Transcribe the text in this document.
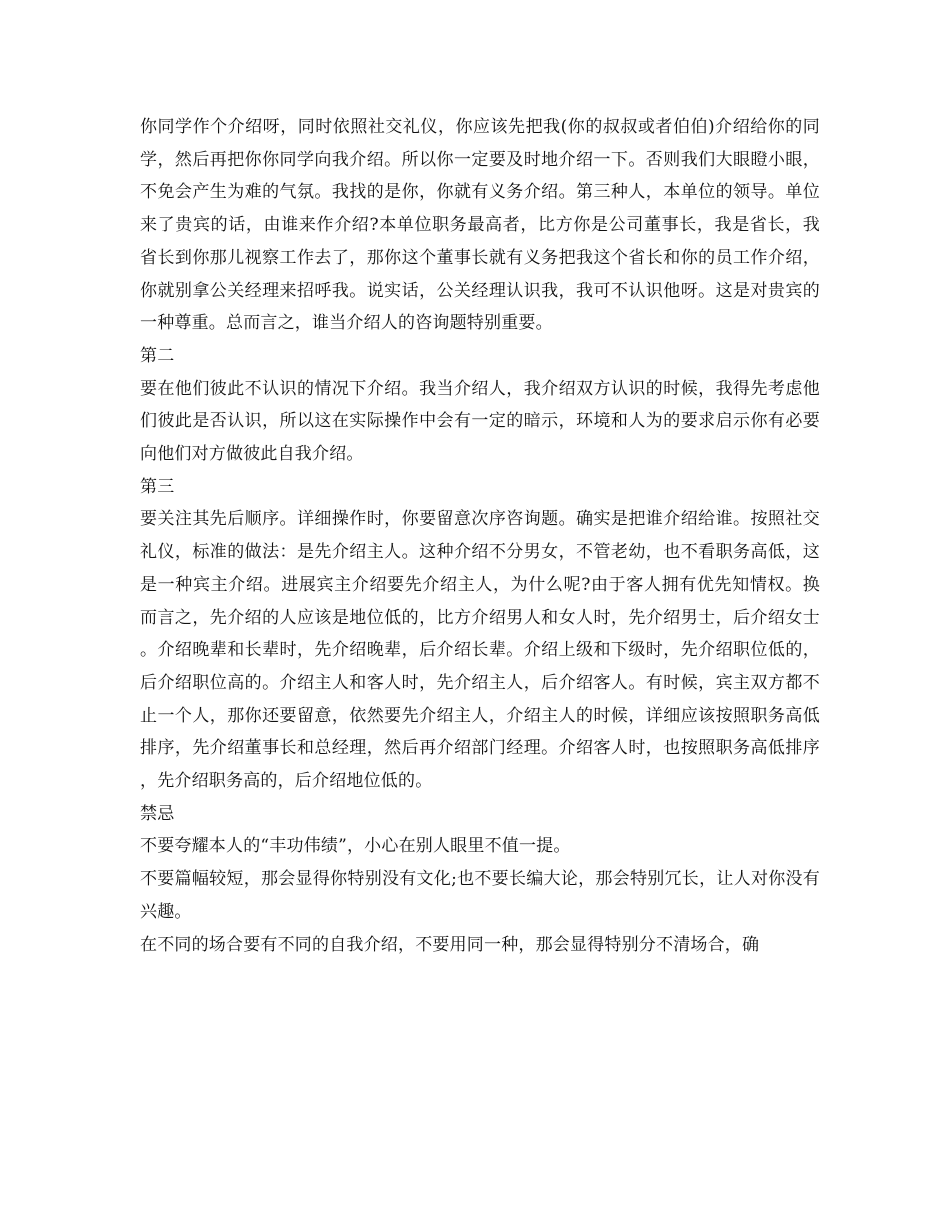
你同学作个介绍呀，同时依照社交礼仪，你应该先把我(你的叔叔或者伯伯)介绍给你的同学，然后再把你你同学向我介绍。所以你一定要及时地介绍一下。否则我们大眼瞪小眼，不免会产生为难的气氛。我找的是你，你就有义务介绍。第三种人，本单位的领导。单位来了贵宾的话，由谁来作介绍?本单位职务最高者，比方你是公司董事长，我是省长，我省长到你那儿视察工作去了，那你这个董事长就有义务把我这个省长和你的员工作介绍，你就别拿公关经理来招呼我。说实话，公关经理认识我，我可不认识他呀。这是对贵宾的一种尊重。总而言之，谁当介绍人的咨询题特别重要。

第二

要在他们彼此不认识的情况下介绍。我当介绍人，我介绍双方认识的时候，我得先考虑他们彼此是否认识，所以这在实际操作中会有一定的暗示，环境和人为的要求启示你有必要向他们对方做彼此自我介绍。

第三

要关注其先后顺序。详细操作时，你要留意次序咨询题。确实是把谁介绍给谁。按照社交礼仪，标准的做法：是先介绍主人。这种介绍不分男女，不管老幼，也不看职务高低，这是一种宾主介绍。进展宾主介绍要先介绍主人，为什么呢?由于客人拥有优先知情权。换而言之，先介绍的人应该是地位低的，比方介绍男人和女人时，先介绍男士，后介绍女士。介绍晚辈和长辈时，先介绍晚辈，后介绍长辈。介绍上级和下级时，先介绍职位低的，后介绍职位高的。介绍主人和客人时，先介绍主人，后介绍客人。有时候，宾主双方都不止一个人，那你还要留意，依然要先介绍主人，介绍主人的时候，详细应该按照职务高低排序，先介绍董事长和总经理，然后再介绍部门经理。介绍客人时，也按照职务高低排序，先介绍职务高的，后介绍地位低的。

禁忌

不要夸耀本人的“丰功伟绩”，小心在别人眼里不值一提。

不要篇幅较短，那会显得你特别没有文化;也不要长编大论，那会特别冗长，让人对你没有兴趣。

在不同的场合要有不同的自我介绍，不要用同一种，那会显得特别分不清场合，确
